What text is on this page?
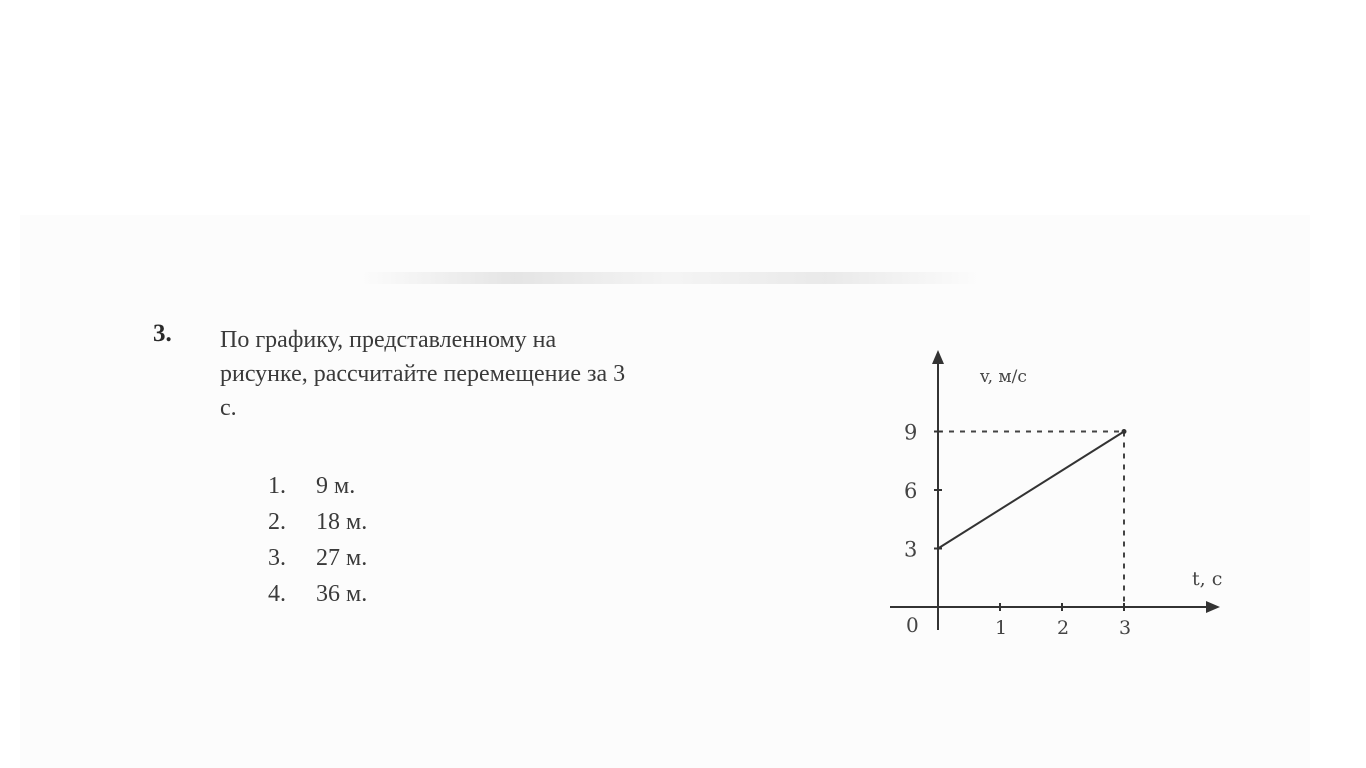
3. По графику, представленному на
рисунке, рассчитайте перемещение за 3
с.
1. 9 м.
2. 18 м.
3. 27 м.
4. 36 м.
1	2	3
3
6
9
v, м/с
t, с
0
